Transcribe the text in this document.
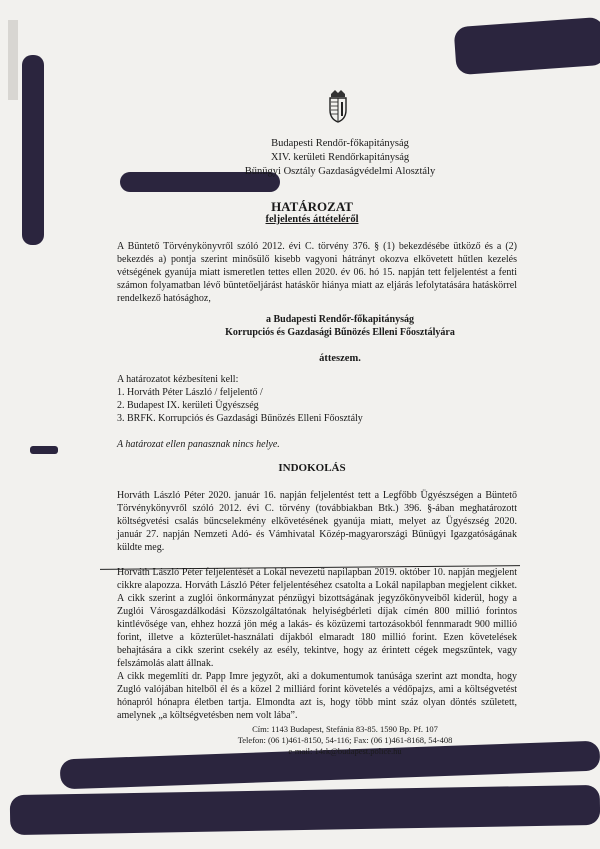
Budapesti Rendőr-főkapitányság
XIV. kerületi Rendőrkapitányság
Bűnügyi Osztály Gazdaságvédelmi Alosztály
HATÁROZAT
feljelentés áttételéről
A Büntető Törvénykönyvről szóló 2012. évi C. törvény 376. § (1) bekezdésébe ütköző és a (2) bekezdés a) pontja szerint minősülő kisebb vagyoni hátrányt okozva elkövetett hűtlen kezelés vétségének gyanúja miatt ismeretlen tettes ellen 2020. év 06. hó 15. napján tett feljelentést a fenti számon folyamatban lévő büntetőeljárást hatáskör hiánya miatt az eljárás lefolytatására hatáskörrel rendelkező hatósághoz,
a Budapesti Rendőr-főkapitányság
Korrupciós és Gazdasági Bűnözés Elleni Főosztályára
átteszem.
A határozatot kézbesíteni kell:
1. Horváth Péter László / feljelentő /
2. Budapest IX. kerületi Ügyészség
3. BRFK. Korrupciós és Gazdasági Bűnözés Elleni Főosztály
A határozat ellen panasznak nincs helye.
INDOKOLÁS
Horváth László Péter 2020. január 16. napján feljelentést tett a Legfőbb Ügyészségen a Büntető Törvénykönyvről szóló 2012. évi C. törvény (továbbiakban Btk.) 396. §-ában meghatározott költségvetési csalás bűncselekmény elkövetésének gyanúja miatt, melyet az Ügyészség 2020. január 27. napján Nemzeti Adó- és Vámhivatal Közép-magyarországi Bűnügyi Igazgatóságának küldte meg.
Horváth László Péter feljelentését a Lokál nevezetű napilapban 2019. október 10. napján megjelent cikkre alapozza. Horváth László Péter feljelentéséhez csatolta a Lokál napilapban megjelent cikket. A cikk szerint a zuglói önkormányzat pénzügyi bizottságának jegyzőkönyveiből kiderül, hogy a Zuglói Városgazdálkodási Közszolgáltatónak helyiségbérleti díjak címén 800 millió forintos kintlévősége van, ehhez hozzá jön még a lakás- és közüzemi tartozásokból fennmaradt 900 millió forint, illetve a közterület-használati díjakból elmaradt 180 millió forint. Ezen követelések behajtására a cikk szerint csekély az esély, tekintve, hogy az érintett cégek megszűntek, vagy felszámolás alatt állnak.
A cikk megemlíti dr. Papp Imre jegyzőt, aki a dokumentumok tanúsága szerint azt mondta, hogy Zugló valójában hitelből él és a közel 2 milliárd forint követelés a védőpajzs, ami a költségvetést hónapról hónapra életben tartja. Elmondta azt is, hogy több mint száz olyan döntés született, amelynek „a költségvetésben nem volt lába”.
Cím: 1143 Budapest, Stefánia 83-85. 1590 Bp. Pf. 107
Telefon: (06 1)461-8150, 54-116; Fax: (06 1)461-8168, 54-408
e-mail: 14rk@budapest.police.hu
